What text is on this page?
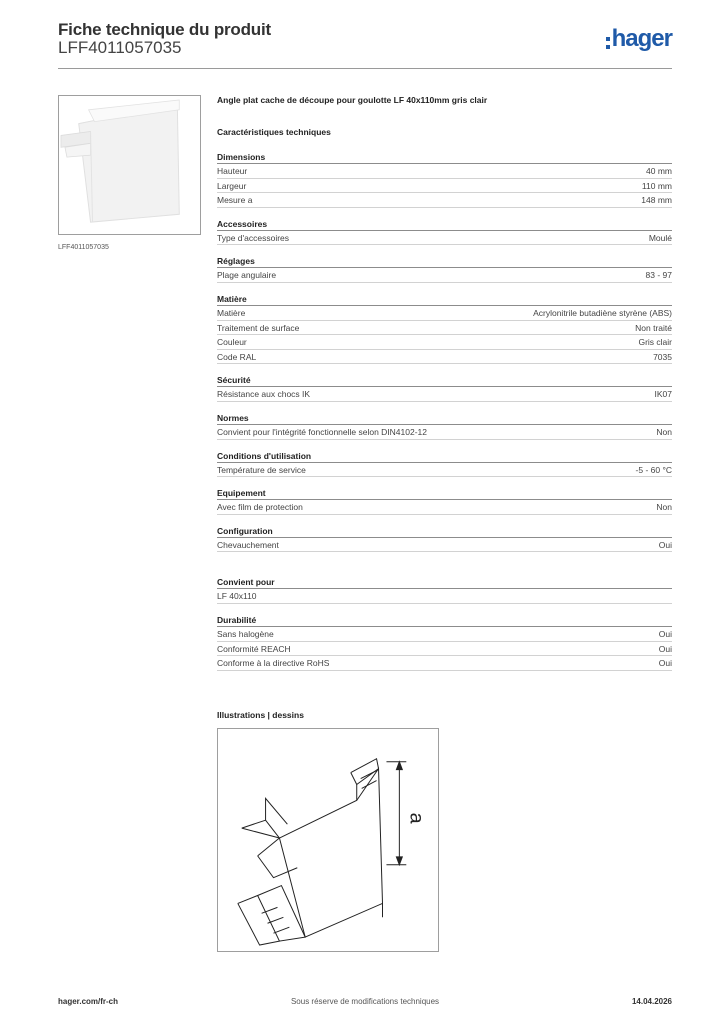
Fiche technique du produit
LFF4011057035	hager
LFF4011057035
Angle plat cache de découpe pour goulotte LF 40x110mm gris clair
Caractéristiques techniques
Dimensions
Hauteur	40 mm
Largeur	110 mm
Mesure a	148 mm
Accessoires
Type d'accessoires	Moulé
Réglages
Plage angulaire	83 - 97
Matière
Matière	Acrylonitrile butadiène styrène (ABS)
Traitement de surface	Non traité
Couleur	Gris clair
Code RAL	7035
Sécurité
Résistance aux chocs IK	IK07
Normes
Convient pour l'intégrité fonctionnelle selon DIN4102-12	Non
Conditions d'utilisation
Température de service	-5 - 60 °C
Equipement
Avec film de protection	Non
Configuration
Chevauchement	Oui
Convient pour
LF 40x110
Durabilité
Sans halogène	Oui
Conformité REACH	Oui
Conforme à la directive RoHS	Oui
Illustrations | dessins
a
hager.com/fr-ch	Sous réserve de modifications techniques	14.04.2026
